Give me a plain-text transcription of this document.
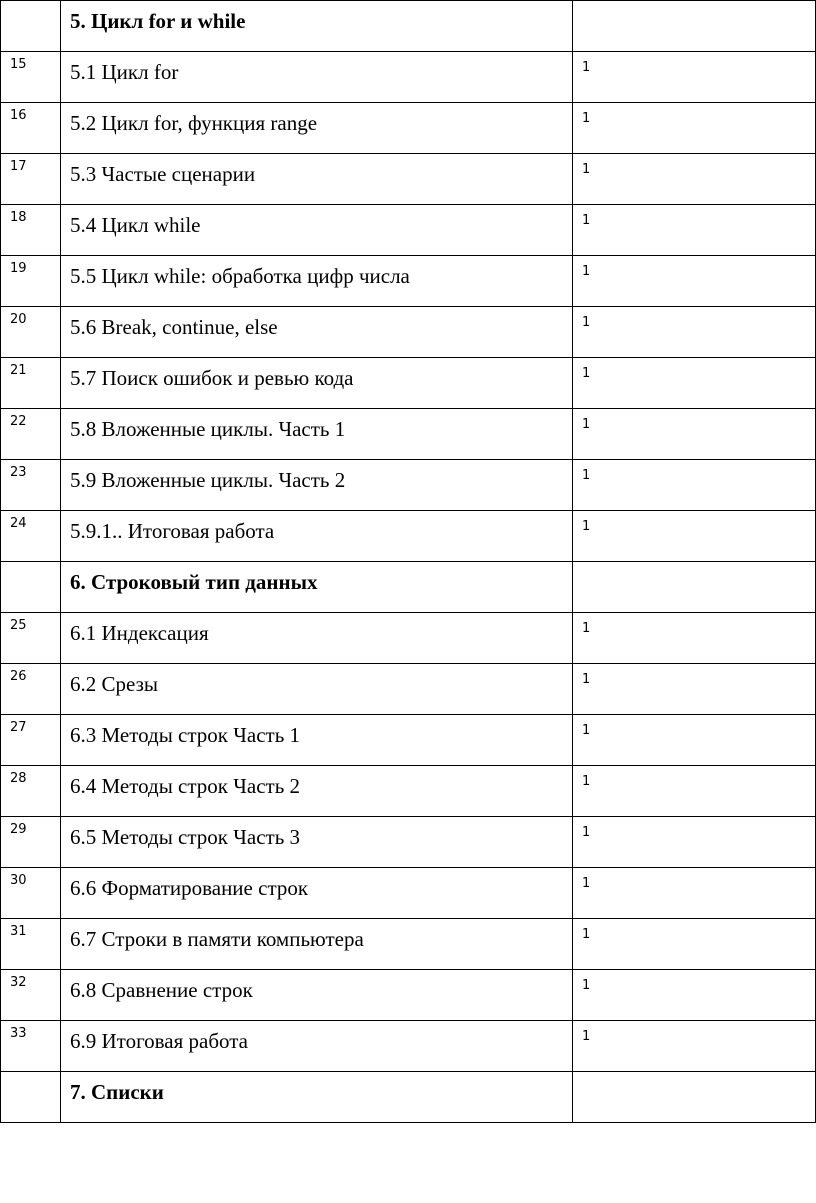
	5. Цикл for и while	
15	5.1 Цикл for	1
16	5.2 Цикл for, функция range	1
17	5.3 Частые сценарии	1
18	5.4 Цикл while	1
19	5.5 Цикл while: обработка цифр числа	1
20	5.6 Break, continue, else	1
21	5.7 Поиск ошибок и ревью кода	1
22	5.8 Вложенные циклы. Часть 1	1
23	5.9 Вложенные циклы. Часть 2	1
24	5.9.1.. Итоговая работа	1
	6. Строковый тип данных	
25	6.1 Индексация	1
26	6.2 Срезы	1
27	6.3 Методы строк Часть 1	1
28	6.4 Методы строк Часть 2	1
29	6.5 Методы строк Часть 3	1
30	6.6 Форматирование строк	1
31	6.7 Строки в памяти компьютера	1
32	6.8 Сравнение строк	1
33	6.9 Итоговая работа	1
	7. Списки	
